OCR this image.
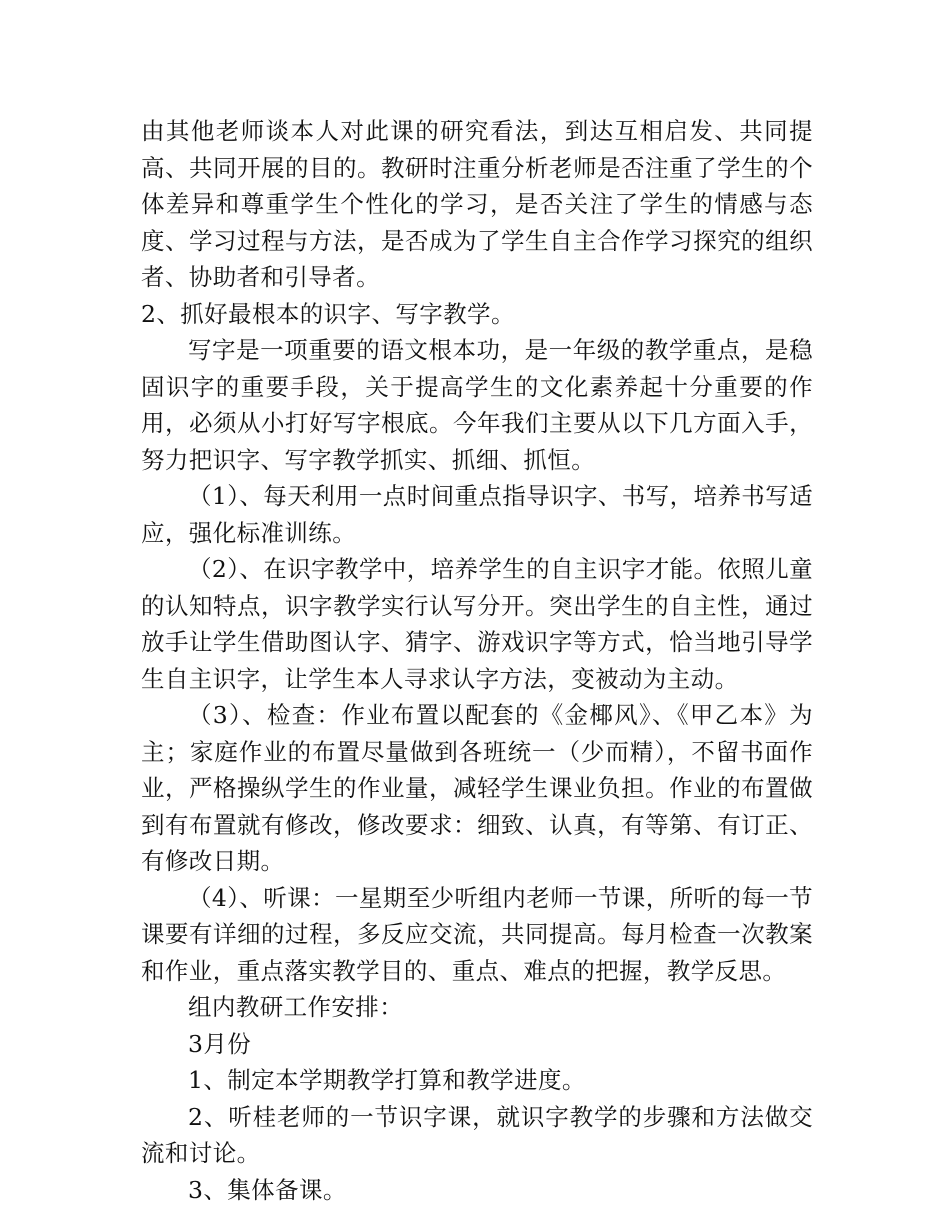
由其他老师谈本人对此课的研究看法，到达互相启发、共同提高、共同开展的目的。教研时注重分析老师是否注重了学生的个体差异和尊重学生个性化的学习，是否关注了学生的情感与态度、学习过程与方法，是否成为了学生自主合作学习探究的组织者、协助者和引导者。

2、抓好最根本的识字、写字教学。

写字是一项重要的语文根本功，是一年级的教学重点，是稳固识字的重要手段，关于提高学生的文化素养起十分重要的作用，必须从小打好写字根底。今年我们主要从以下几方面入手，努力把识字、写字教学抓实、抓细、抓恒。

（1）、每天利用一点时间重点指导识字、书写，培养书写适应，强化标准训练。

（2）、在识字教学中，培养学生的自主识字才能。依照儿童的认知特点，识字教学实行认写分开。突出学生的自主性，通过放手让学生借助图认字、猜字、游戏识字等方式，恰当地引导学生自主识字，让学生本人寻求认字方法，变被动为主动。

（3）、检查：作业布置以配套的《金椰风》、《甲乙本》为主；家庭作业的布置尽量做到各班统一（少而精），不留书面作业，严格操纵学生的作业量，减轻学生课业负担。作业的布置做到有布置就有修改，修改要求：细致、认真，有等第、有订正、有修改日期。

（4）、听课：一星期至少听组内老师一节课，所听的每一节课要有详细的过程，多反应交流，共同提高。每月检查一次教案和作业，重点落实教学目的、重点、难点的把握，教学反思。

组内教研工作安排：

3月份

1、制定本学期教学打算和教学进度。

2、听桂老师的一节识字课，就识字教学的步骤和方法做交流和讨论。

3、集体备课。
